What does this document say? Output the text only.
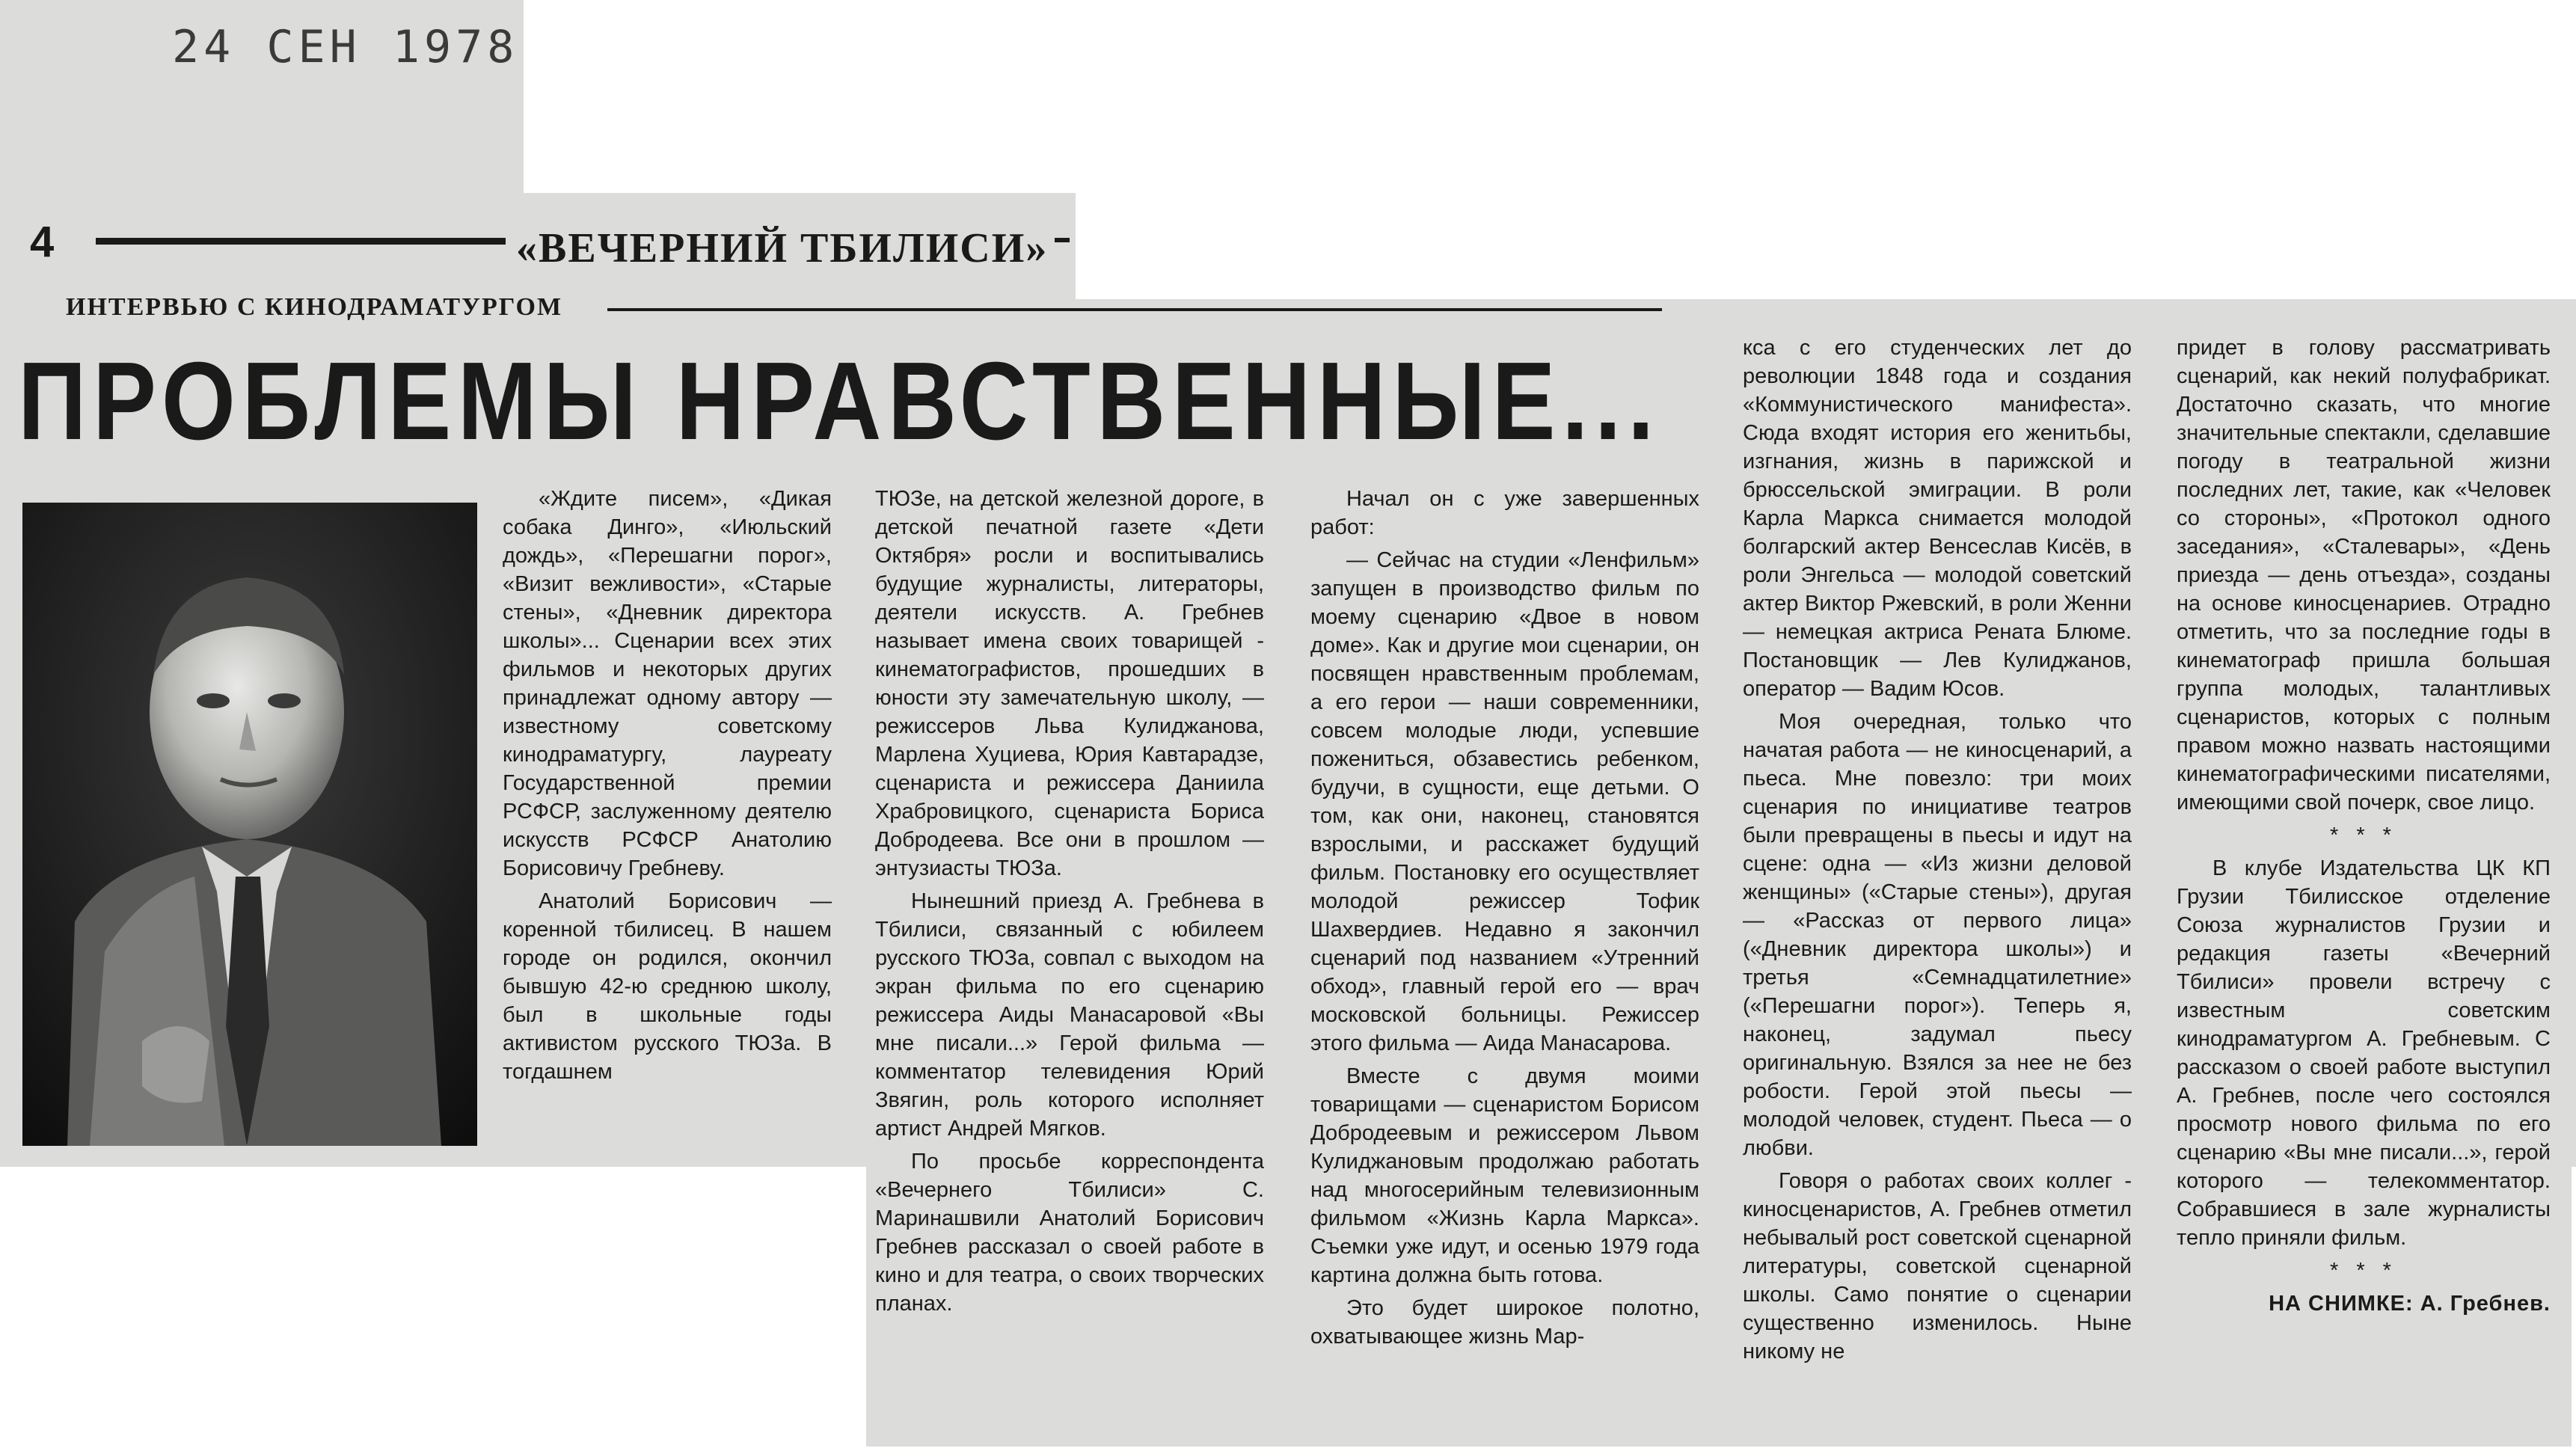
24 СЕН 1978
4	«ВЕЧЕРНИЙ ТБИЛИСИ»
ИНТЕРВЬЮ С КИНОДРАМАТУРГОМ
ПРОБЛЕМЫ НРАВСТВЕННЫЕ...

«Ждите писем», «Дикая собака Динго», «Июльский дождь», «Перешагни порог», «Визит вежливости», «Старые стены», «Дневник директора школы»... Сценарии всех этих фильмов и некоторых других принадлежат одному автору — известному советскому кинодраматургу, лауреату Государственной премии РСФСР, заслуженному деятелю искусств РСФСР Анатолию Борисовичу Гребневу.

Анатолий Борисович — коренной тбилисец. В нашем городе он родился, окончил бывшую 42-ю среднюю школу, был в школьные годы активистом русского ТЮЗа. В тогдашнем

ТЮЗе, на детской железной дороге, в детской печатной газете «Дети Октября» росли и воспитывались будущие журналисты, литераторы, деятели искусств. А. Гребнев называет имена своих товарищей - кинематографистов, прошедших в юности эту замечательную школу, — режиссеров Льва Кулиджанова, Марлена Хуциева, Юрия Кавтарадзе, сценариста и режиссера Даниила Храбровицкого, сценариста Бориса Добродеева. Все они в прошлом — энтузиасты ТЮЗа.

Нынешний приезд А. Гребнева в Тбилиси, связанный с юбилеем русского ТЮЗа, совпал с выходом на экран фильма по его сценарию режиссера Аиды Манасаровой «Вы мне писали...» Герой фильма — комментатор телевидения Юрий Звягин, роль которого исполняет артист Андрей Мягков.

По просьбе корреспондента «Вечернего Тбилиси» С. Маринашвили Анатолий Борисович Гребнев рассказал о своей работе в кино и для театра, о своих творческих планах.

Начал он с уже завершенных работ:

— Сейчас на студии «Ленфильм» запущен в производство фильм по моему сценарию «Двое в новом доме». Как и другие мои сценарии, он посвящен нравственным проблемам, а его герои — наши современники, совсем молодые люди, успевшие пожениться, обзавестись ребенком, будучи, в сущности, еще детьми. О том, как они, наконец, становятся взрослыми, и расскажет будущий фильм. Постановку его осуществляет молодой режиссер Тофик Шахвердиев. Недавно я закончил сценарий под названием «Утренний обход», главный герой его — врач московской больницы. Режиссер этого фильма — Аида Манасарова.

Вместе с двумя моими товарищами — сценаристом Борисом Добродеевым и режиссером Львом Кулиджановым продолжаю работать над многосерийным телевизионным фильмом «Жизнь Карла Маркса». Съемки уже идут, и осенью 1979 года картина должна быть готова.

Это будет широкое полотно, охватывающее жизнь Мар-

кса с его студенческих лет до революции 1848 года и создания «Коммунистического манифеста». Сюда входят история его женитьбы, изгнания, жизнь в парижской и брюссельской эмиграции. В роли Карла Маркса снимается молодой болгарский актер Венсеслав Кисёв, в роли Энгельса — молодой советский актер Виктор Ржевский, в роли Женни — немецкая актриса Рената Блюме. Постановщик — Лев Кулиджанов, оператор — Вадим Юсов.

Моя очередная, только что начатая работа — не киносценарий, а пьеса. Мне повезло: три моих сценария по инициативе театров были превращены в пьесы и идут на сцене: одна — «Из жизни деловой женщины» («Старые стены»), другая — «Рассказ от первого лица» («Дневник директора школы») и третья «Семнадцатилетние» («Перешагни порог»). Теперь я, наконец, задумал пьесу оригинальную. Взялся за нее не без робости. Герой этой пьесы — молодой человек, студент. Пьеса — о любви.

Говоря о работах своих коллег - киносценаристов, А. Гребнев отметил небывалый рост советской сценарной литературы, советской сценарной школы. Само понятие о сценарии существенно изменилось. Ныне никому не

придет в голову рассматривать сценарий, как некий полуфабрикат. Достаточно сказать, что многие значительные спектакли, сделавшие погоду в театральной жизни последних лет, такие, как «Человек со стороны», «Протокол одного заседания», «Сталевары», «День приезда — день отъезда», созданы на основе киносценариев. Отрадно отметить, что за последние годы в кинематограф пришла большая группа молодых, талантливых сценаристов, которых с полным правом можно назвать настоящими кинематографическими писателями, имеющими свой почерк, свое лицо.

* * *

В клубе Издательства ЦК КП Грузии Тбилисское отделение Союза журналистов Грузии и редакция газеты «Вечерний Тбилиси» провели встречу с известным советским кинодраматургом А. Гребневым. С рассказом о своей работе выступил А. Гребнев, после чего состоялся просмотр нового фильма по его сценарию «Вы мне писали...», герой которого — телекомментатор. Собравшиеся в зале журналисты тепло приняли фильм.

* * *

НА СНИМКЕ: А. Гребнев.
